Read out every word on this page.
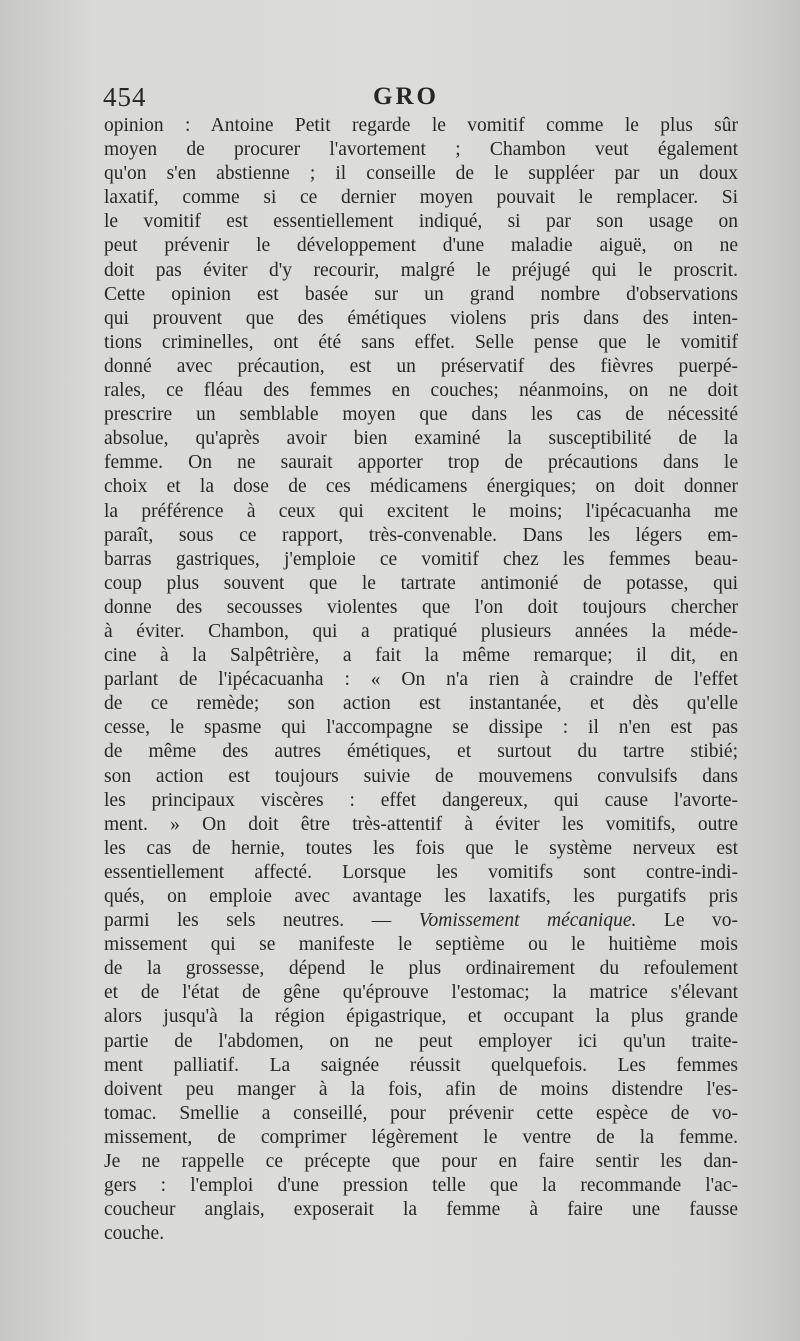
454	GRO
opinion : Antoine Petit regarde le vomitif comme le plus sûr
moyen de procurer l'avortement ; Chambon veut également
qu'on s'en abstienne ; il conseille de le suppléer par un doux
laxatif, comme si ce dernier moyen pouvait le remplacer. Si
le vomitif est essentiellement indiqué, si par son usage on
peut prévenir le développement d'une maladie aiguë, on ne
doit pas éviter d'y recourir, malgré le préjugé qui le proscrit.
Cette opinion est basée sur un grand nombre d'observations
qui prouvent que des émétiques violens pris dans des inten-
tions criminelles, ont été sans effet. Selle pense que le vomitif
donné avec précaution, est un préservatif des fièvres puerpé-
rales, ce fléau des femmes en couches; néanmoins, on ne doit
prescrire un semblable moyen que dans les cas de nécessité
absolue, qu'après avoir bien examiné la susceptibilité de la
femme. On ne saurait apporter trop de précautions dans le
choix et la dose de ces médicamens énergiques; on doit donner
la préférence à ceux qui excitent le moins; l'ipécacuanha me
paraît, sous ce rapport, très-convenable. Dans les légers em-
barras gastriques, j'emploie ce vomitif chez les femmes beau-
coup plus souvent que le tartrate antimonié de potasse, qui
donne des secousses violentes que l'on doit toujours chercher
à éviter. Chambon, qui a pratiqué plusieurs années la méde-
cine à la Salpêtrière, a fait la même remarque; il dit, en
parlant de l'ipécacuanha : « On n'a rien à craindre de l'effet
de ce remède; son action est instantanée, et dès qu'elle
cesse, le spasme qui l'accompagne se dissipe : il n'en est pas
de même des autres émétiques, et surtout du tartre stibié;
son action est toujours suivie de mouvemens convulsifs dans
les principaux viscères : effet dangereux, qui cause l'avorte-
ment. » On doit être très-attentif à éviter les vomitifs, outre
les cas de hernie, toutes les fois que le système nerveux est
essentiellement affecté. Lorsque les vomitifs sont contre-indi-
qués, on emploie avec avantage les laxatifs, les purgatifs pris
parmi les sels neutres. — Vomissement mécanique. Le vo-
missement qui se manifeste le septième ou le huitième mois
de la grossesse, dépend le plus ordinairement du refoulement
et de l'état de gêne qu'éprouve l'estomac; la matrice s'élevant
alors jusqu'à la région épigastrique, et occupant la plus grande
partie de l'abdomen, on ne peut employer ici qu'un traite-
ment palliatif. La saignée réussit quelquefois. Les femmes
doivent peu manger à la fois, afin de moins distendre l'es-
tomac. Smellie a conseillé, pour prévenir cette espèce de vo-
missement, de comprimer légèrement le ventre de la femme.
Je ne rappelle ce précepte que pour en faire sentir les dan-
gers : l'emploi d'une pression telle que la recommande l'ac-
coucheur anglais, exposerait la femme à faire une fausse
couche.
